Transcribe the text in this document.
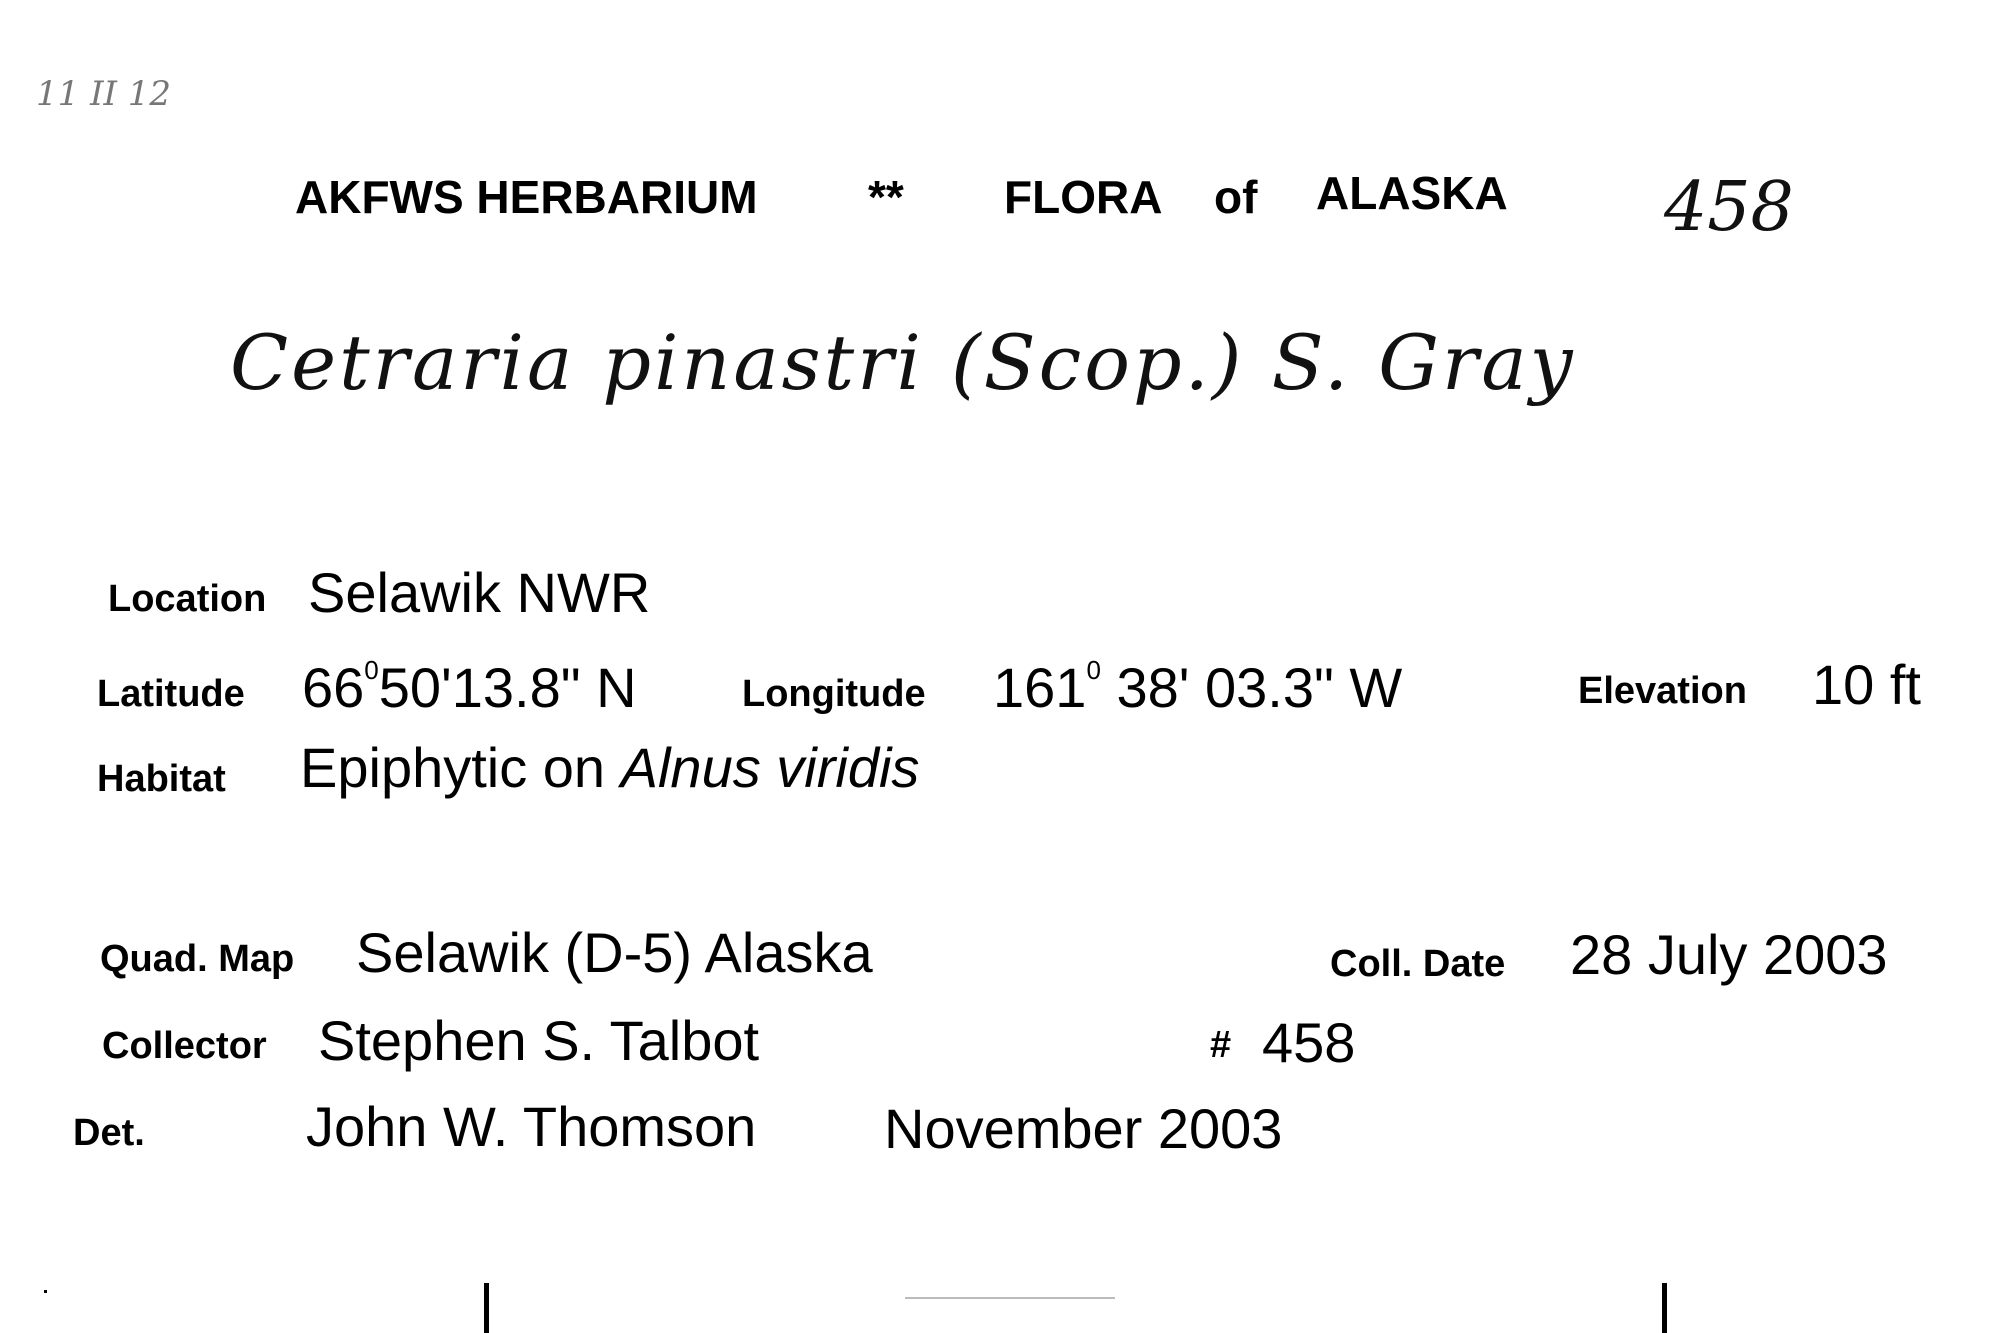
11 II 12
AKFWS HERBARIUM ** FLORA of ALASKA 458
Cetraria pinastri (Scop.) S. Gray
Location Selawik NWR
Latitude $66^050'13.8$" N	Longitude $161^0$ 38' 03.3" W	Elevation 10 ft
Habitat Epiphytic on Alnus viridis
Quad. Map Selawik (D-5) Alaska	Coll. Date 28 July 2003
Collector Stephen S. Talbot	# 458
Det.	John W. Thomson November 2003
